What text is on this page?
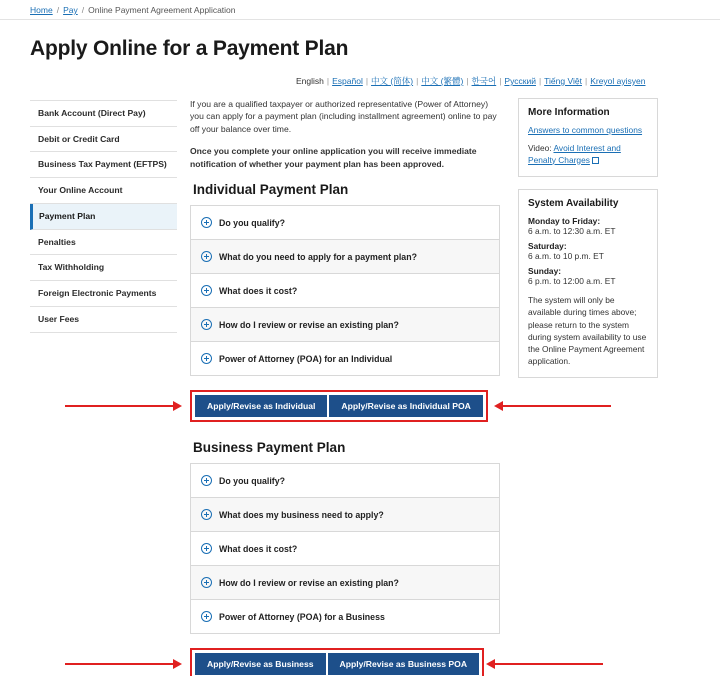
Home / Pay / Online Payment Agreement Application
Apply Online for a Payment Plan
English | Español | 中文 (简体) | 中文 (繁體) | 한국어 | Pусский | Tiếng Việt | Kreyol ayisyen
Bank Account (Direct Pay)
Debit or Credit Card
Business Tax Payment (EFTPS)
Your Online Account
Payment Plan
Penalties
Tax Withholding
Foreign Electronic Payments
User Fees

If you are a qualified taxpayer or authorized representative (Power of Attorney) you can apply for a payment plan (including installment agreement) online to pay off your balance over time.

Once you complete your online application you will receive immediate notification of whether your payment plan has been approved.

Individual Payment Plan
Do you qualify?
What do you need to apply for a payment plan?
What does it cost?
How do I review or revise an existing plan?
Power of Attorney (POA) for an Individual
Apply/Revise as Individual	Apply/Revise as Individual POA
Business Payment Plan
Do you qualify?
What does my business need to apply?
What does it cost?
How do I review or revise an existing plan?
Power of Attorney (POA) for a Business
Apply/Revise as Business	Apply/Revise as Business POA
More Information
Answers to common questions
Video: Avoid Interest and Penalty Charges
System Availability
Monday to Friday:
6 a.m. to 12:30 a.m. ET
Saturday:
6 a.m. to 10 p.m. ET
Sunday:
6 p.m. to 12:00 a.m. ET
The system will only be available during times above; please return to the system during system availability to use the Online Payment Agreement application.
